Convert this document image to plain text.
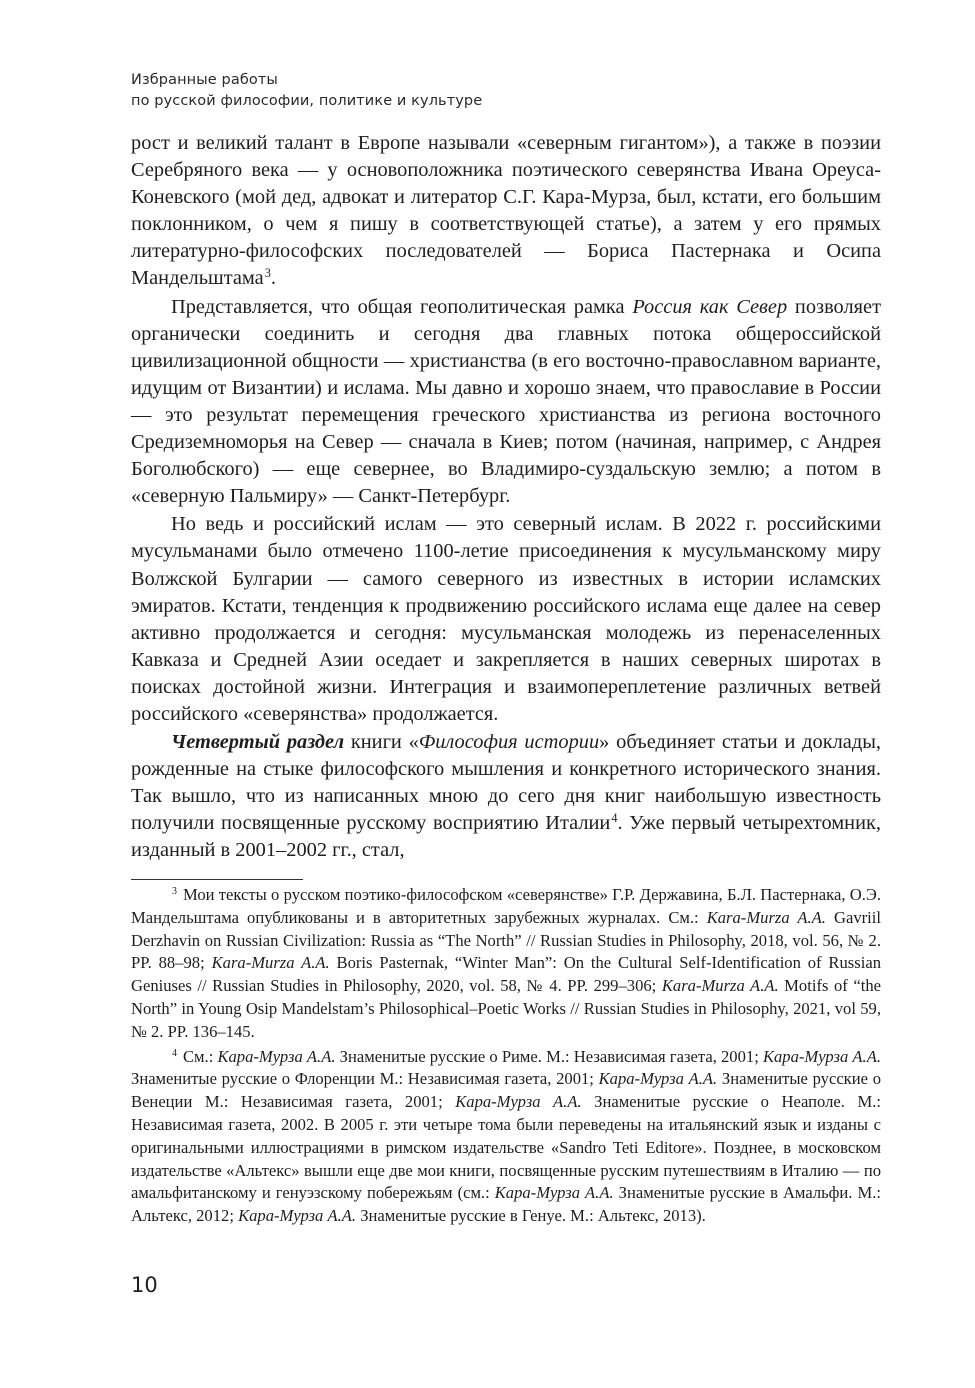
Избранные работы
по русской философии, политике и культуре

рост и великий талант в Европе называли «северным гигантом»), а также в поэзии Серебряного века — у основоположника поэтического северянства Ивана Ореуса-Коневского (мой дед, адвокат и литератор С.Г. Кара-Мурза, был, кстати, его большим поклонником, о чем я пишу в соответствующей статье), а затем у его прямых литературно-философских последователей — Бориса Пастернака и Осипа Мандельштама$^3$.

Представляется, что общая геополитическая рамка Россия как Север позволяет органически соединить и сегодня два главных потока общероссийской цивилизационной общности — христианства (в его восточно-православном варианте, идущим от Византии) и ислама. Мы давно и хорошо знаем, что православие в России — это результат перемещения греческого христианства из региона восточного Средиземноморья на Север — сначала в Киев; потом (начиная, например, с Андрея Боголюбского) — еще севернее, во Владимиро-суздальскую землю; а потом в «северную Пальмиру» — Санкт-Петербург.

Но ведь и российский ислам — это северный ислам. В 2022 г. российскими мусульманами было отмечено 1100-летие присоединения к мусульманскому миру Волжской Булгарии — самого северного из известных в истории исламских эмиратов. Кстати, тенденция к продвижению российского ислама еще далее на север активно продолжается и сегодня: мусульманская молодежь из перенаселенных Кавказа и Средней Азии оседает и закрепляется в наших северных широтах в поисках достойной жизни. Интеграция и взаимопереплетение различных ветвей российского «северянства» продолжается.

Четвертый раздел книги «Философия истории» объединяет статьи и доклады, рожденные на стыке философского мышления и конкретного исторического знания. Так вышло, что из написанных мною до сего дня книг наибольшую известность получили посвященные русскому восприятию Италии$^4$. Уже первый четырехтомник, изданный в 2001–2002 гг., стал,

$^3$ Мои тексты о русском поэтико-философском «северянстве» Г.Р. Державина, Б.Л. Пастернака, О.Э. Мандельштама опубликованы и в авторитетных зарубежных журналах. См.: Kara-Murza A.A. Gavriil Derzhavin on Russian Civilization: Russia as “The North” // Russian Studies in Philosophy, 2018, vol. 56, № 2. PP. 88–98; Kara-Murza A.A. Boris Pasternak, “Winter Man”: On the Cultural Self-Identification of Russian Geniuses // Russian Studies in Philosophy, 2020, vol. 58, № 4. PP. 299–306; Kara-Murza A.A. Motifs of “the North” in Young Osip Mandelstam’s Philosophical–Poetic Works // Russian Studies in Philosophy, 2021, vol 59, № 2. PP. 136–145.

$^4$ См.: Кара-Мурза А.А. Знаменитые русские о Риме. М.: Независимая газета, 2001; Кара-Мурза А.А. Знаменитые русские о Флоренции М.: Независимая газета, 2001; Кара-Мурза А.А. Знаменитые русские о Венеции М.: Независимая газета, 2001; Кара-Мурза А.А. Знаменитые русские о Неаполе. М.: Независимая газета, 2002. В 2005 г. эти четыре тома были переведены на итальянский язык и изданы с оригинальными иллюстрациями в римском издательстве «Sandro Teti Editore». Позднее, в московском издательстве «Альтекс» вышли еще две мои книги, посвященные русским путешествиям в Италию — по амальфитанскому и генуэзскому побережьям (см.: Кара-Мурза А.А. Знаменитые русские в Амальфи. М.: Альтекс, 2012; Кара-Мурза А.А. Знаменитые русские в Генуе. М.: Альтекс, 2013).

10
